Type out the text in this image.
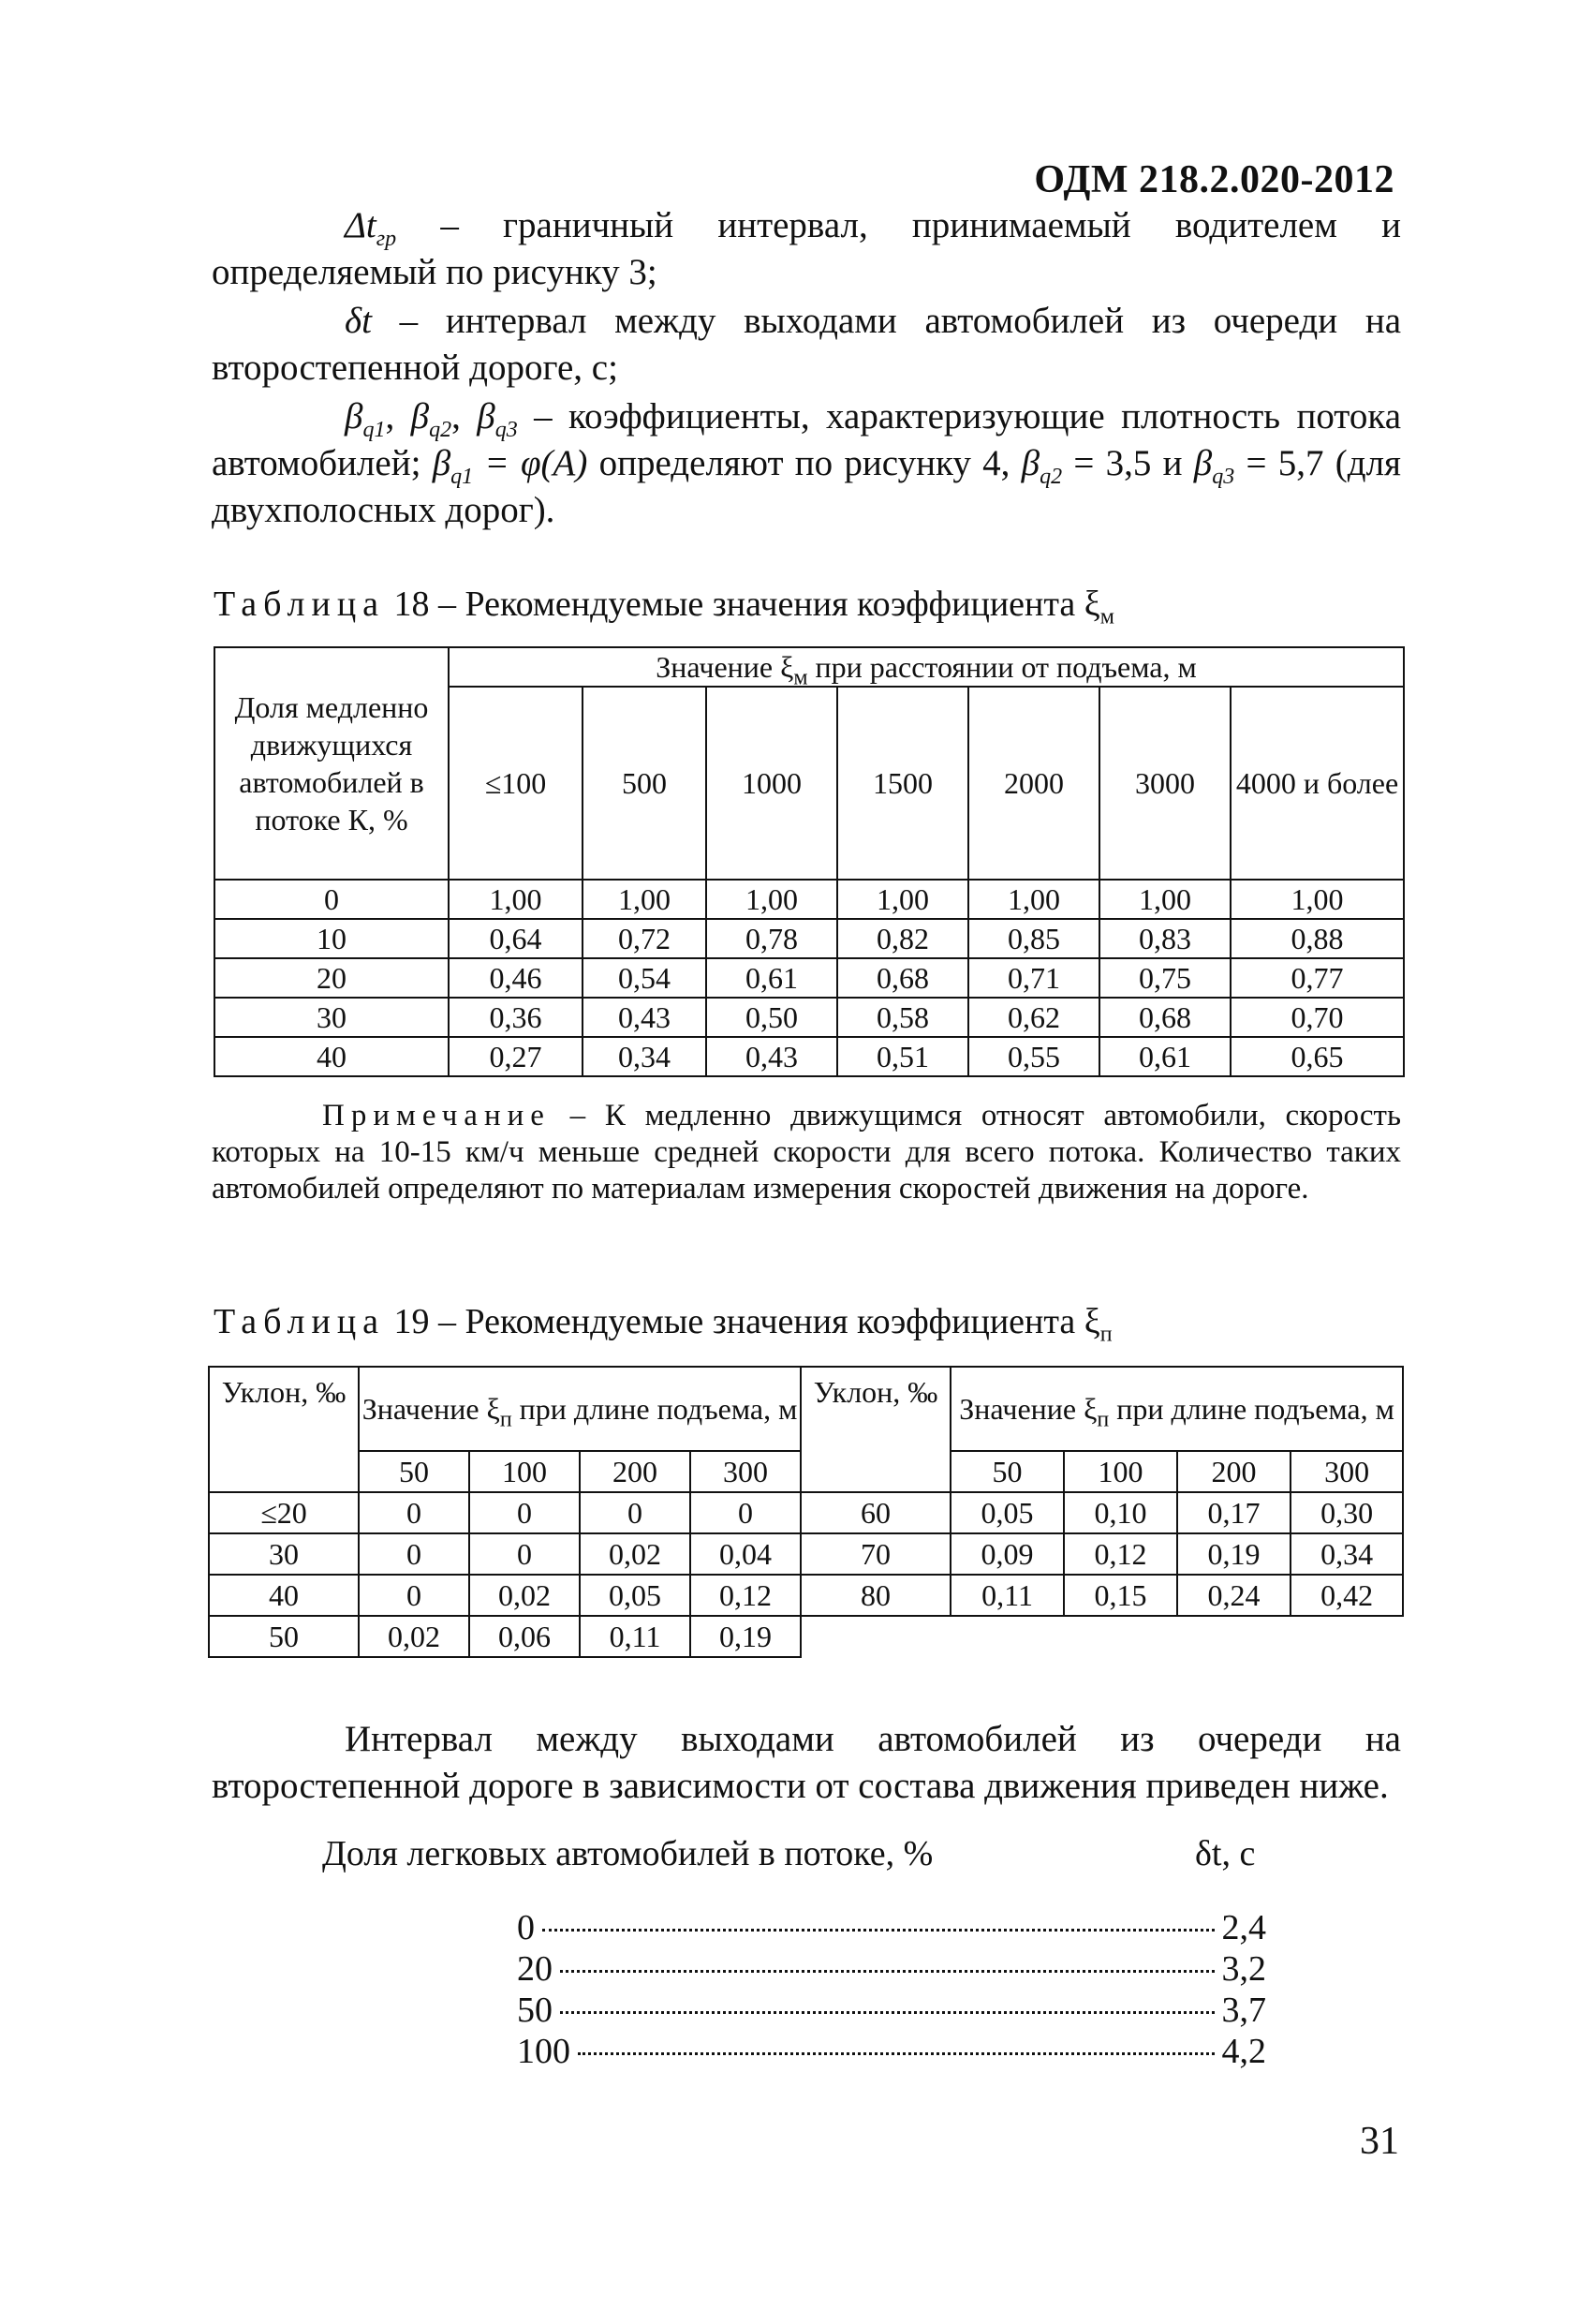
ОДМ 218.2.020-2012
$\Delta t_{гр}$ – граничный интервал, принимаемый водителем и определяемый по рисунку 3;
δt – интервал между выходами автомобилей из очереди на второстепенной дороге, с;
$\beta_{q1}$, $\beta_{q2}$, $\beta_{q3}$ – коэффициенты, характеризующие плотность потока автомобилей; $\beta_{q1} = \varphi(A)$ определяют по рисунку 4, $\beta_{q2} = 3,5$ и $\beta_{q3} = 5,7$ (для двухполосных дорог).
Таблица 18 – Рекомендуемые значения коэффициента $\xi_м$
Доля медленно движущихся автомобилей в потоке К, %	Значение $\xi_м$ при расстоянии от подъема, м						
	≤100	500	1000	1500	2000	3000	4000 и более
0	1,00	1,00	1,00	1,00	1,00	1,00	1,00
10	0,64	0,72	0,78	0,82	0,85	0,83	0,88
20	0,46	0,54	0,61	0,68	0,71	0,75	0,77
30	0,36	0,43	0,50	0,58	0,62	0,68	0,70
40	0,27	0,34	0,43	0,51	0,55	0,61	0,65
Примечание – К медленно движущимся относят автомобили, скорость которых на 10-15 км/ч меньше средней скорости для всего потока. Количество таких автомобилей определяют по материалам измерения скоростей движения на дороге.
Таблица 19 – Рекомендуемые значения коэффициента $\xi_п$
Уклон, ‰	Значение $\xi_п$ при длине подъема, м				Уклон, ‰	Значение $\xi_п$ при длине подъема, м			
	50	100	200	300		50	100	200	300
≤20	0	0	0	0	60	0,05	0,10	0,17	0,30
30	0	0	0,02	0,04	70	0,09	0,12	0,19	0,34
40	0	0,02	0,05	0,12	80	0,11	0,15	0,24	0,42
50	0,02	0,06	0,11	0,19					
Интервал между выходами автомобилей из очереди на второстепенной дороге в зависимости от состава движения приведен ниже.
Доля легковых автомобилей в потоке, %	δt, с
0	2,4
20	3,2
50	3,7
100	4,2
31
